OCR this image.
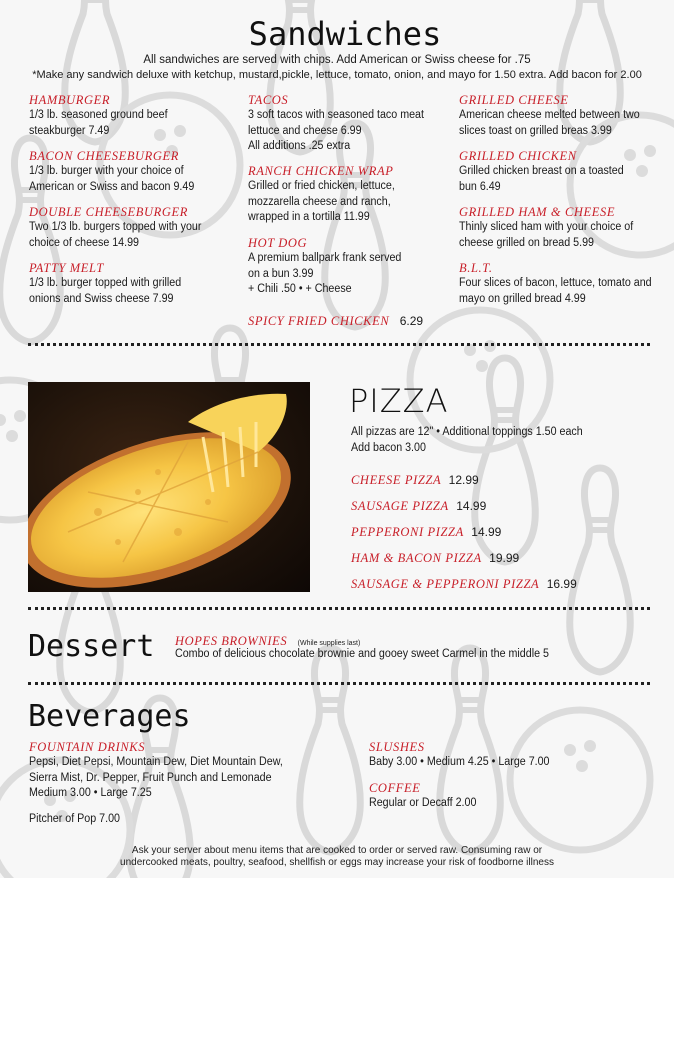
Sandwiches
All sandwiches are served with chips. Add American or Swiss cheese for .75
*Make any sandwich deluxe with ketchup, mustard,pickle, lettuce, tomato, onion, and mayo for 1.50 extra. Add bacon for 2.00
HAMBURGER
1/3 lb. seasoned ground beef
steakburger 7.49
BACON CHEESEBURGER
1/3 lb. burger with your choice of
American or Swiss and bacon 9.49
DOUBLE CHEESEBURGER
Two 1/3 lb. burgers topped with your
choice of cheese 14.99
PATTY MELT
1/3 lb. burger topped with grilled
onions and Swiss cheese 7.99
TACOS
3 soft tacos with seasoned taco meat
lettuce and cheese 6.99
All additions .25 extra
RANCH CHICKEN WRAP
Grilled or fried chicken, lettuce,
mozzarella cheese and ranch,
wrapped in a tortilla 11.99
HOT DOG
A premium ballpark frank served
on a bun 3.99
+ Chili .50 • + Cheese
SPICY FRIED CHICKEN 6.29
GRILLED CHEESE
American cheese melted between two
slices toast on grilled breas 3.99
GRILLED CHICKEN
Grilled chicken breast on a toasted
bun 6.49
GRILLED HAM & CHEESE
Thinly sliced ham with your choice of
cheese grilled on bread 5.99
B.L.T.
Four slices of bacon, lettuce, tomato and
mayo on grilled bread 4.99
PIZZA
All pizzas are 12" • Additional toppings 1.50 each
Add bacon 3.00
CHEESE PIZZA 12.99
SAUSAGE PIZZA 14.99
PEPPERONI PIZZA 14.99
HAM & BACON PIZZA 19.99
SAUSAGE & PEPPERONI PIZZA 16.99
Dessert HOPES BROWNIES (While supplies last)
Combo of delicious chocolate brownie and gooey sweet Carmel in the middle 5
Beverages
FOUNTAIN DRINKS
Pepsi, Diet Pepsi, Mountain Dew, Diet Mountain Dew,
Sierra Mist, Dr. Pepper, Fruit Punch and Lemonade
Medium 3.00 • Large 7.25
Pitcher of Pop 7.00
SLUSHES
Baby 3.00 • Medium 4.25 • Large 7.00
COFFEE
Regular or Decaff 2.00
Ask your server about menu items that are cooked to order or served raw. Consuming raw or
undercooked meats, poultry, seafood, shellfish or eggs may increase your risk of foodborne illness
